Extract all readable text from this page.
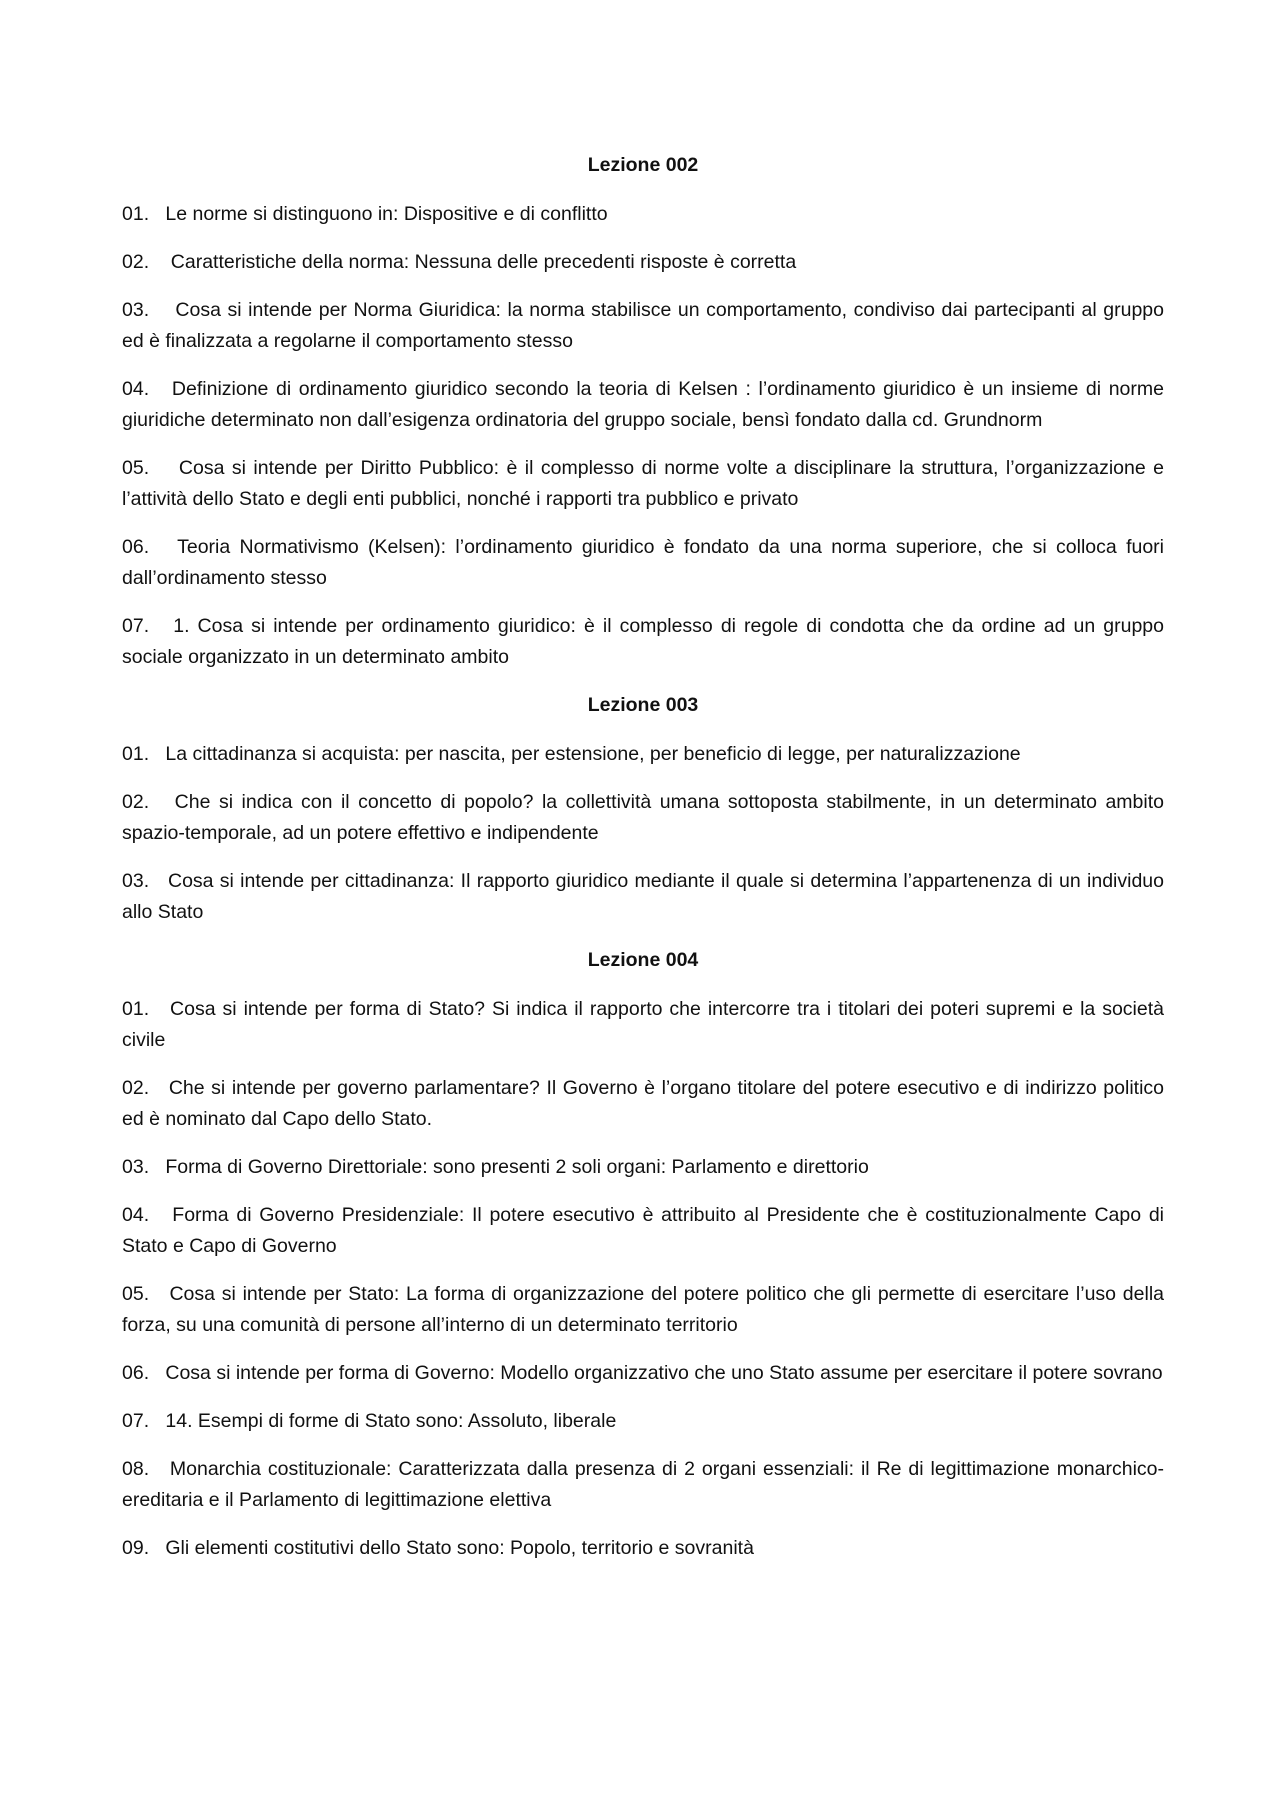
Lezione 002

01. Le norme si distinguono in: Dispositive e di conflitto

02. Caratteristiche della norma: Nessuna delle precedenti risposte è corretta

03. Cosa si intende per Norma Giuridica: la norma stabilisce un comportamento, condiviso dai partecipanti al gruppo ed è finalizzata a regolarne il comportamento stesso

04. Definizione di ordinamento giuridico secondo la teoria di Kelsen : l’ordinamento giuridico è un insieme di norme giuridiche determinato non dall’esigenza ordinatoria del gruppo sociale, bensì fondato dalla cd. Grundnorm

05. Cosa si intende per Diritto Pubblico: è il complesso di norme volte a disciplinare la struttura, l’organizzazione e l’attività dello Stato e degli enti pubblici, nonché i rapporti tra pubblico e privato

06. Teoria Normativismo (Kelsen): l’ordinamento giuridico è fondato da una norma superiore, che si colloca fuori dall’ordinamento stesso

07. 1. Cosa si intende per ordinamento giuridico: è il complesso di regole di condotta che da ordine ad un gruppo sociale organizzato in un determinato ambito

Lezione 003

01. La cittadinanza si acquista: per nascita, per estensione, per beneficio di legge, per naturalizzazione

02. Che si indica con il concetto di popolo? la collettività umana sottoposta stabilmente, in un determinato ambito spazio-temporale, ad un potere effettivo e indipendente

03. Cosa si intende per cittadinanza: Il rapporto giuridico mediante il quale si determina l’appartenenza di un individuo allo Stato

Lezione 004

01. Cosa si intende per forma di Stato? Si indica il rapporto che intercorre tra i titolari dei poteri supremi e la società civile

02. Che si intende per governo parlamentare? Il Governo è l’organo titolare del potere esecutivo e di indirizzo politico ed è nominato dal Capo dello Stato.

03. Forma di Governo Direttoriale: sono presenti 2 soli organi: Parlamento e direttorio

04. Forma di Governo Presidenziale: Il potere esecutivo è attribuito al Presidente che è costituzionalmente Capo di Stato e Capo di Governo

05. Cosa si intende per Stato: La forma di organizzazione del potere politico che gli permette di esercitare l’uso della forza, su una comunità di persone all’interno di un determinato territorio

06. Cosa si intende per forma di Governo: Modello organizzativo che uno Stato assume per esercitare il potere sovrano

07. 14. Esempi di forme di Stato sono: Assoluto, liberale

08. Monarchia costituzionale: Caratterizzata dalla presenza di 2 organi essenziali: il Re di legittimazione monarchico-ereditaria e il Parlamento di legittimazione elettiva

09. Gli elementi costitutivi dello Stato sono: Popolo, territorio e sovranità
